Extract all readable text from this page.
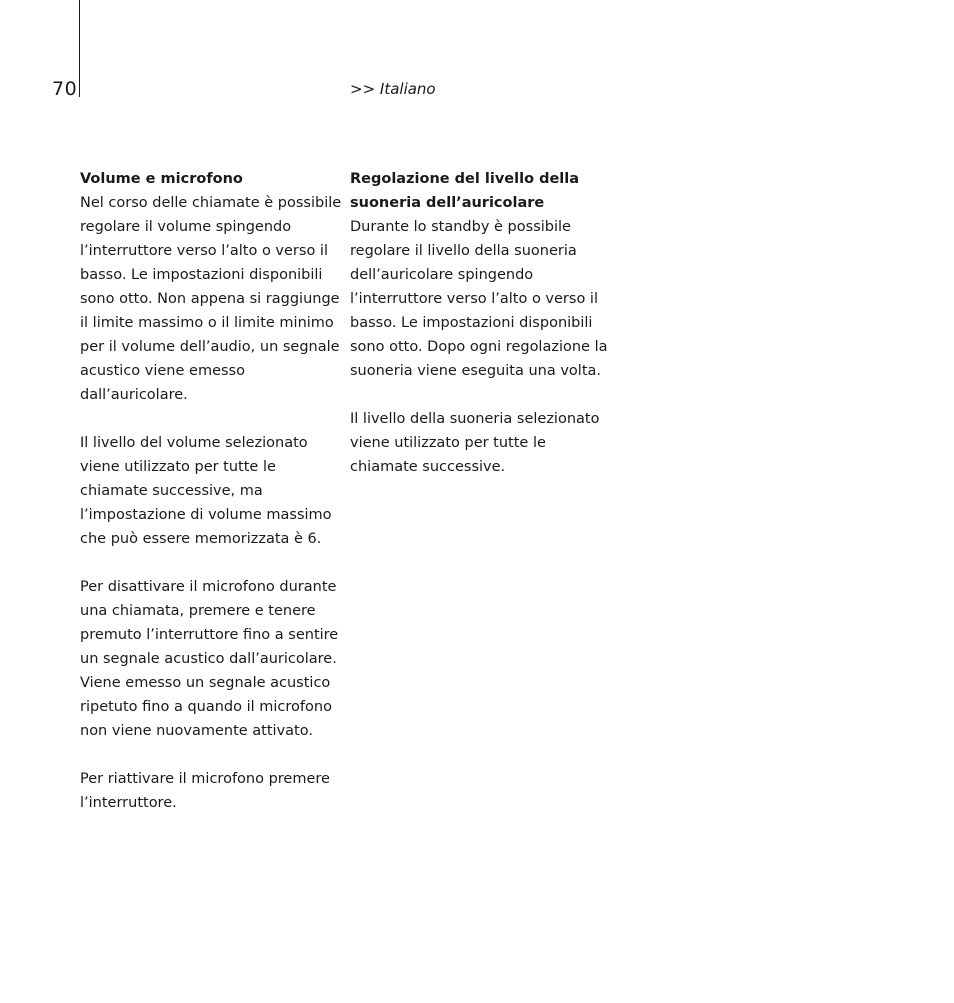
70	>> Italiano
Volume e microfono

Nel corso delle chiamate è possibile regolare il volume spingendo l’interruttore verso l’alto o verso il basso. Le impostazioni disponibili sono otto. Non appena si raggiunge il limite massimo o il limite minimo per il volume dell’audio, un segnale acustico viene emesso dall’auricolare.

Il livello del volume selezionato viene utilizzato per tutte le chiamate successive, ma l’impostazione di volume massimo che può essere memorizzata è 6.

Per disattivare il microfono durante una chiamata, premere e tenere premuto l’interruttore fino a sentire un segnale acustico dall’auricolare. Viene emesso un segnale acustico ripetuto fino a quando il microfono non viene nuovamente attivato.

Per riattivare il microfono premere l’interruttore.

Regolazione del livello della suoneria dell’auricolare

Durante lo standby è possibile regolare il livello della suoneria dell’auricolare spingendo l’interruttore verso l’alto o verso il basso. Le impostazioni disponibili sono otto. Dopo ogni regolazione la suoneria viene eseguita una volta.

Il livello della suoneria selezionato viene utilizzato per tutte le chiamate successive.
